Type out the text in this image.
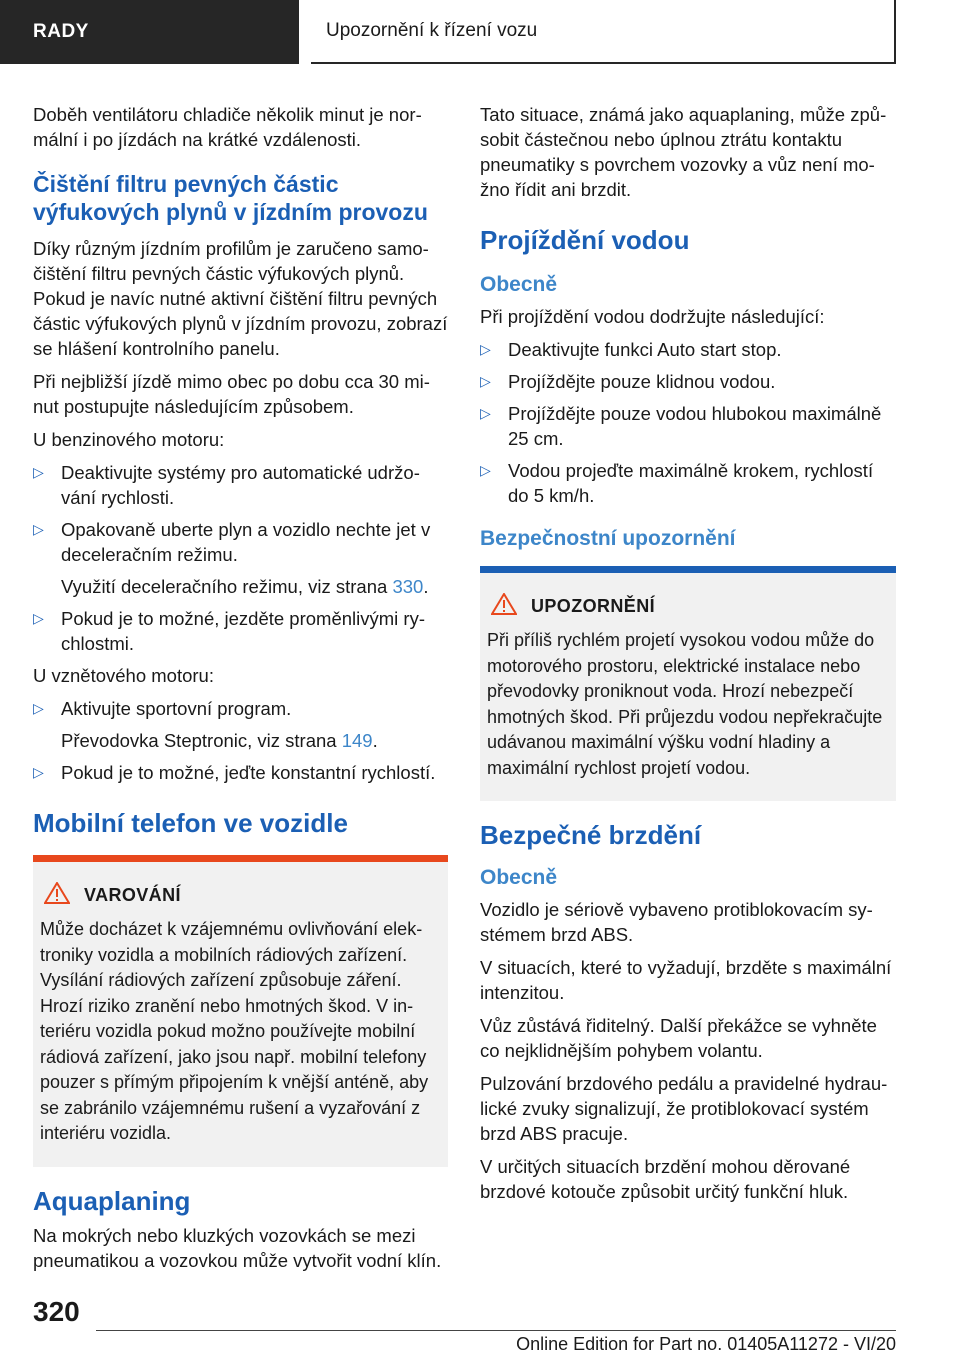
RADY	Upozornění k řízení vozu

Doběh ventilátoru chladiče několik minut je normální i po jízdách na krátké vzdálenosti.

Čištění filtru pevných částic výfukových plynů v jízdním provozu

Díky různým jízdním profilům je zaručeno samočištění filtru pevných částic výfukových plynů. Pokud je navíc nutné aktivní čištění filtru pevných částic výfukových plynů v jízdním provozu, zobrazí se hlášení kontrolního panelu.

Při nejbližší jízdě mimo obec po dobu cca 30 minut postupujte následujícím způsobem.

U benzinového motoru:

▷ Deaktivujte systémy pro automatické udržování rychlosti.
▷ Opakovaně uberte plyn a vozidlo nechte jet v deceleračním režimu.
Využití deceleračního režimu, viz strana 330.
▷ Pokud je to možné, jezděte proměnlivými rychlostmi.

U vznětového motoru:

▷ Aktivujte sportovní program.
Převodovka Steptronic, viz strana 149.
▷ Pokud je to možné, jeďte konstantní rychlostí.
Mobilní telefon ve vozidle
VAROVÁNÍ

Může docházet k vzájemnému ovlivňování elektroniky vozidla a mobilních rádiových zařízení. Vysílání rádiových zařízení způsobuje záření. Hrozí riziko zranění nebo hmotných škod. V interiéru vozidla pokud možno používejte mobilní rádiová zařízení, jako jsou např. mobilní telefony pouzer s přímým připojením k vnější anténě, aby se zabránilo vzájemnému rušení a vyzařování z interiéru vozidla.

Aquaplaning

Na mokrých nebo kluzkých vozovkách se mezi pneumatikou a vozovkou může vytvořit vodní klín.

Tato situace, známá jako aquaplaning, může způsobit částečnou nebo úplnou ztrátu kontaktu pneumatiky s povrchem vozovky a vůz není možno řídit ani brzdit.

Projíždění vodou
Obecně

Při projíždění vodou dodržujte následující:

▷ Deaktivujte funkci Auto start stop.
▷ Projíždějte pouze klidnou vodou.
▷ Projíždějte pouze vodou hlubokou maximálně 25 cm.
▷ Vodou projeďte maximálně krokem, rychlostí do 5 km/h.
Bezpečnostní upozornění
UPOZORNĚNÍ

Při příliš rychlém projetí vysokou vodou může do motorového prostoru, elektrické instalace nebo převodovky proniknout voda. Hrozí nebezpečí hmotných škod. Při průjezdu vodou nepřekračujte udávanou maximální výšku vodní hladiny a maximální rychlost projetí vodou.

Bezpečné brzdění
Obecně

Vozidlo je sériově vybaveno protiblokovacím systémem brzd ABS.

V situacích, které to vyžadují, brzděte s maximální intenzitou.

Vůz zůstává řiditelný. Další překážce se vyhněte co nejklidnějším pohybem volantu.

Pulzování brzdového pedálu a pravidelné hydraulické zvuky signalizují, že protiblokovací systém brzd ABS pracuje.

V určitých situacích brzdění mohou děrované brzdové kotouče způsobit určitý funkční hluk.

320
Online Edition for Part no. 01405A11272 - VI/20
